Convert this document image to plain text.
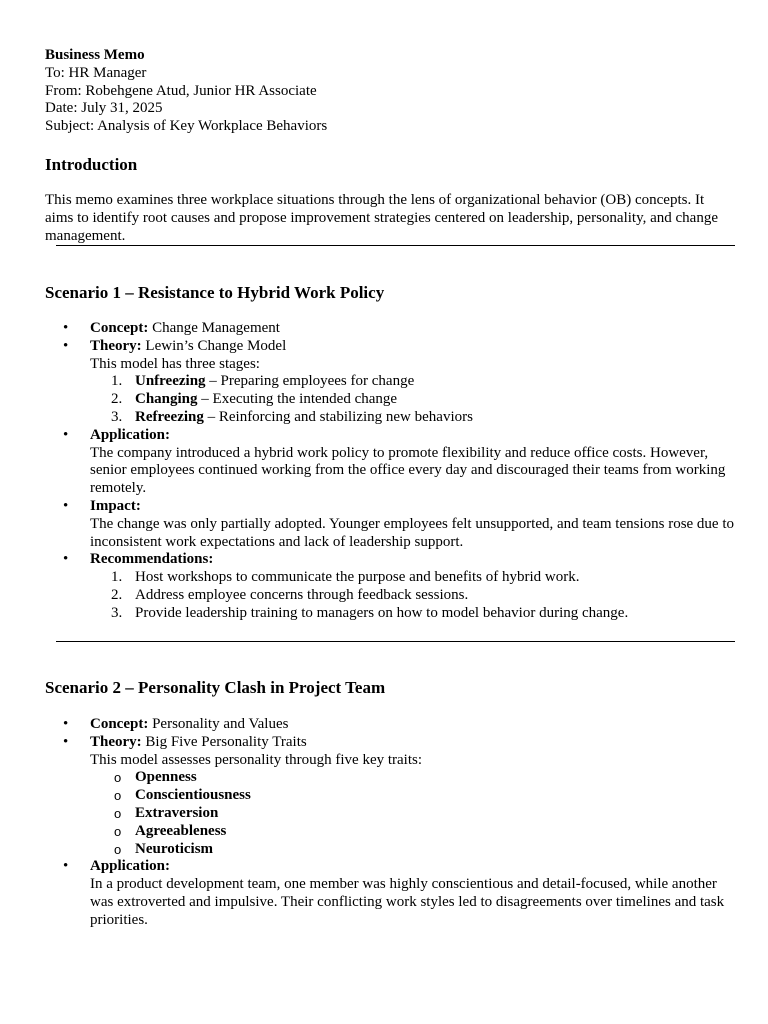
Business Memo
To: HR Manager
From: Robehgene Atud, Junior HR Associate
Date: July 31, 2025
Subject: Analysis of Key Workplace Behaviors
Introduction
This memo examines three workplace situations through the lens of organizational behavior (OB) concepts. It aims to identify root causes and propose improvement strategies centered on leadership, personality, and change management.
Scenario 1 – Resistance to Hybrid Work Policy
• Concept: Change Management
• Theory: Lewin’s Change Model
This model has three stages:
1. Unfreezing – Preparing employees for change
2. Changing – Executing the intended change
3. Refreezing – Reinforcing and stabilizing new behaviors
• Application:
The company introduced a hybrid work policy to promote flexibility and reduce office costs. However, senior employees continued working from the office every day and discouraged their teams from working remotely.
• Impact:
The change was only partially adopted. Younger employees felt unsupported, and team tensions rose due to inconsistent work expectations and lack of leadership support.
• Recommendations:
1. Host workshops to communicate the purpose and benefits of hybrid work.
2. Address employee concerns through feedback sessions.
3. Provide leadership training to managers on how to model behavior during change.
Scenario 2 – Personality Clash in Project Team
• Concept: Personality and Values
• Theory: Big Five Personality Traits
This model assesses personality through five key traits:
o Openness
o Conscientiousness
o Extraversion
o Agreeableness
o Neuroticism
• Application:
In a product development team, one member was highly conscientious and detail-focused, while another was extroverted and impulsive. Their conflicting work styles led to disagreements over timelines and task priorities.
